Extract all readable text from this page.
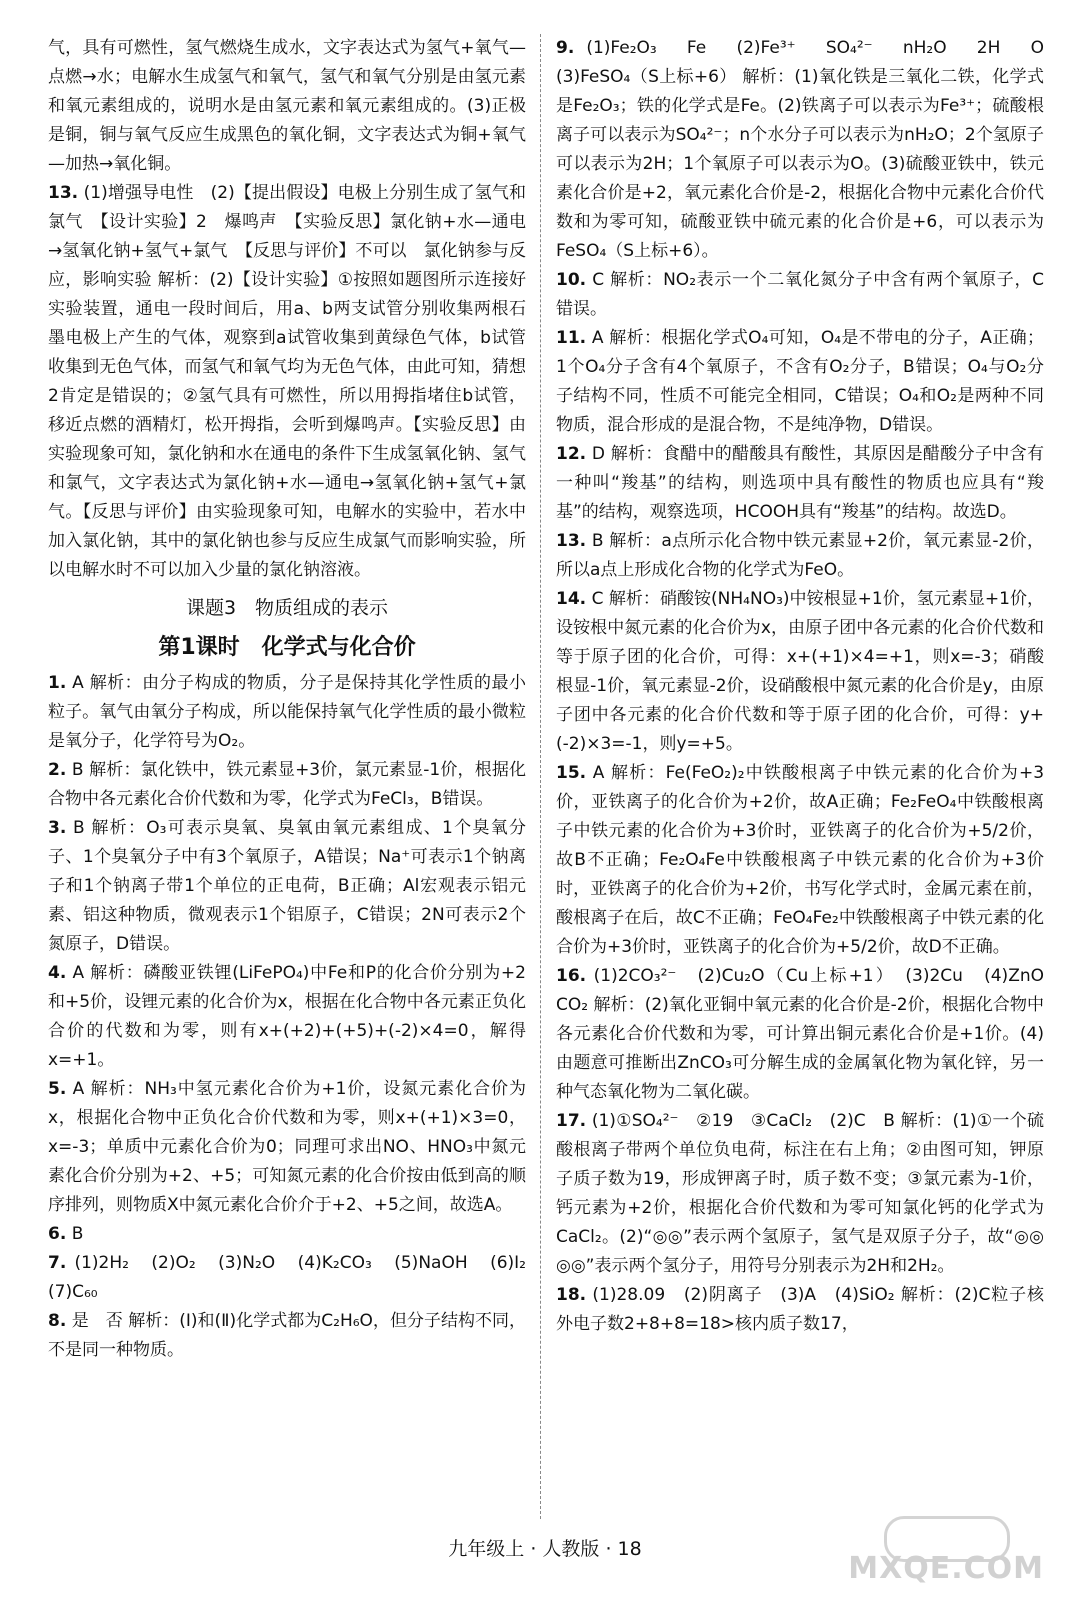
气，具有可燃性，氢气燃烧生成水，文字表达式为氢气+氧气—点燃→水；电解水生成氢气和氧气，氢气和氧气分别是由氢元素和氧元素组成的，说明水是由氢元素和氧元素组成的。(3)正极是铜，铜与氧气反应生成黑色的氧化铜，文字表达式为铜+氧气—加热→氧化铜。

13. (1)增强导电性　(2)【提出假设】电极上分别生成了氢气和氯气　【设计实验】2　爆鸣声　【实验反思】氯化钠+水—通电→氢氧化钠+氢气+氯气　【反思与评价】不可以　氯化钠参与反应，影响实验 解析：(2)【设计实验】①按照如题图所示连接好实验装置，通电一段时间后，用a、b两支试管分别收集两根石墨电极上产生的气体，观察到a试管收集到黄绿色气体，b试管收集到无色气体，而氢气和氧气均为无色气体，由此可知，猜想2肯定是错误的；②氢气具有可燃性，所以用拇指堵住b试管，移近点燃的酒精灯，松开拇指，会听到爆鸣声。【实验反思】由实验现象可知，氯化钠和水在通电的条件下生成氢氧化钠、氢气和氯气，文字表达式为氯化钠+水—通电→氢氧化钠+氢气+氯气。【反思与评价】由实验现象可知，电解水的实验中，若水中加入氯化钠，其中的氯化钠也参与反应生成氯气而影响实验，所以电解水时不可以加入少量的氯化钠溶液。

课题3　物质组成的表示
第1课时　化学式与化合价

1. A 解析：由分子构成的物质，分子是保持其化学性质的最小粒子。氧气由氧分子构成，所以能保持氧气化学性质的最小微粒是氧分子，化学符号为O₂。

2. B 解析：氯化铁中，铁元素显+3价，氯元素显-1价，根据化合物中各元素化合价代数和为零，化学式为FeCl₃，B错误。

3. B 解析：O₃可表示臭氧、臭氧由氧元素组成、1个臭氧分子、1个臭氧分子中有3个氧原子，A错误；Na⁺可表示1个钠离子和1个钠离子带1个单位的正电荷，B正确；Al宏观表示铝元素、铝这种物质，微观表示1个铝原子，C错误；2N可表示2个氮原子，D错误。

4. A 解析：磷酸亚铁锂(LiFePO₄)中Fe和P的化合价分别为+2和+5价，设锂元素的化合价为x，根据在化合物中各元素正负化合价的代数和为零，则有x+(+2)+(+5)+(-2)×4=0，解得x=+1。

5. A 解析：NH₃中氢元素化合价为+1价，设氮元素化合价为x，根据化合物中正负化合价代数和为零，则x+(+1)×3=0，x=-3；单质中元素化合价为0；同理可求出NO、HNO₃中氮元素化合价分别为+2、+5；可知氮元素的化合价按由低到高的顺序排列，则物质X中氮元素化合价介于+2、+5之间，故选A。

6. B

7. (1)2H₂　(2)O₂　(3)N₂O　(4)K₂CO₃　(5)NaOH　(6)I₂　(7)C₆₀

8. 是　否 解析：(Ⅰ)和(Ⅱ)化学式都为C₂H₆O，但分子结构不同，不是同一种物质。

9. (1)Fe₂O₃　Fe　(2)Fe³⁺　SO₄²⁻　nH₂O　2H　O　(3)FeSO₄（S上标+6） 解析：(1)氧化铁是三氧化二铁，化学式是Fe₂O₃；铁的化学式是Fe。(2)铁离子可以表示为Fe³⁺；硫酸根离子可以表示为SO₄²⁻；n个水分子可以表示为nH₂O；2个氢原子可以表示为2H；1个氧原子可以表示为O。(3)硫酸亚铁中，铁元素化合价是+2，氧元素化合价是-2，根据化合物中元素化合价代数和为零可知，硫酸亚铁中硫元素的化合价是+6，可以表示为FeSO₄（S上标+6）。

10. C 解析：NO₂表示一个二氧化氮分子中含有两个氧原子，C错误。

11. A 解析：根据化学式O₄可知，O₄是不带电的分子，A正确；1个O₄分子含有4个氧原子，不含有O₂分子，B错误；O₄与O₂分子结构不同，性质不可能完全相同，C错误；O₄和O₂是两种不同物质，混合形成的是混合物，不是纯净物，D错误。

12. D 解析：食醋中的醋酸具有酸性，其原因是醋酸分子中含有一种叫“羧基”的结构，则选项中具有酸性的物质也应具有“羧基”的结构，观察选项，HCOOH具有“羧基”的结构。故选D。

13. B 解析：a点所示化合物中铁元素显+2价，氧元素显-2价，所以a点上形成化合物的化学式为FeO。

14. C 解析：硝酸铵(NH₄NO₃)中铵根显+1价，氢元素显+1价，设铵根中氮元素的化合价为x，由原子团中各元素的化合价代数和等于原子团的化合价，可得：x+(+1)×4=+1，则x=-3；硝酸根显-1价，氧元素显-2价，设硝酸根中氮元素的化合价是y，由原子团中各元素的化合价代数和等于原子团的化合价，可得：y+(-2)×3=-1，则y=+5。

15. A 解析：Fe(FeO₂)₂中铁酸根离子中铁元素的化合价为+3价，亚铁离子的化合价为+2价，故A正确；Fe₂FeO₄中铁酸根离子中铁元素的化合价为+3价时，亚铁离子的化合价为+5/2价，故B不正确；Fe₂O₄Fe中铁酸根离子中铁元素的化合价为+3价时，亚铁离子的化合价为+2价，书写化学式时，金属元素在前，酸根离子在后，故C不正确；FeO₄Fe₂中铁酸根离子中铁元素的化合价为+3价时，亚铁离子的化合价为+5/2价，故D不正确。

16. (1)2CO₃²⁻　(2)Cu₂O（Cu上标+1）　(3)2Cu　(4)ZnO　CO₂ 解析：(2)氧化亚铜中氧元素的化合价是-2价，根据化合物中各元素化合价代数和为零，可计算出铜元素化合价是+1价。(4)由题意可推断出ZnCO₃可分解生成的金属氧化物为氧化锌，另一种气态氧化物为二氧化碳。

17. (1)①SO₄²⁻　②19　③CaCl₂　(2)C　B 解析：(1)①一个硫酸根离子带两个单位负电荷，标注在右上角；②由图可知，钾原子质子数为19，形成钾离子时，质子数不变；③氯元素为-1价，钙元素为+2价，根据化合价代数和为零可知氯化钙的化学式为CaCl₂。(2)“◎◎”表示两个氢原子，氢气是双原子分子，故“◎◎ ◎◎”表示两个氢分子，用符号分别表示为2H和2H₂。

18. (1)28.09　(2)阴离子　(3)A　(4)SiO₂ 解析：(2)C粒子核外电子数2+8+8=18>核内质子数17，

九年级上 · 人教版 · 18
MXQE.COM
